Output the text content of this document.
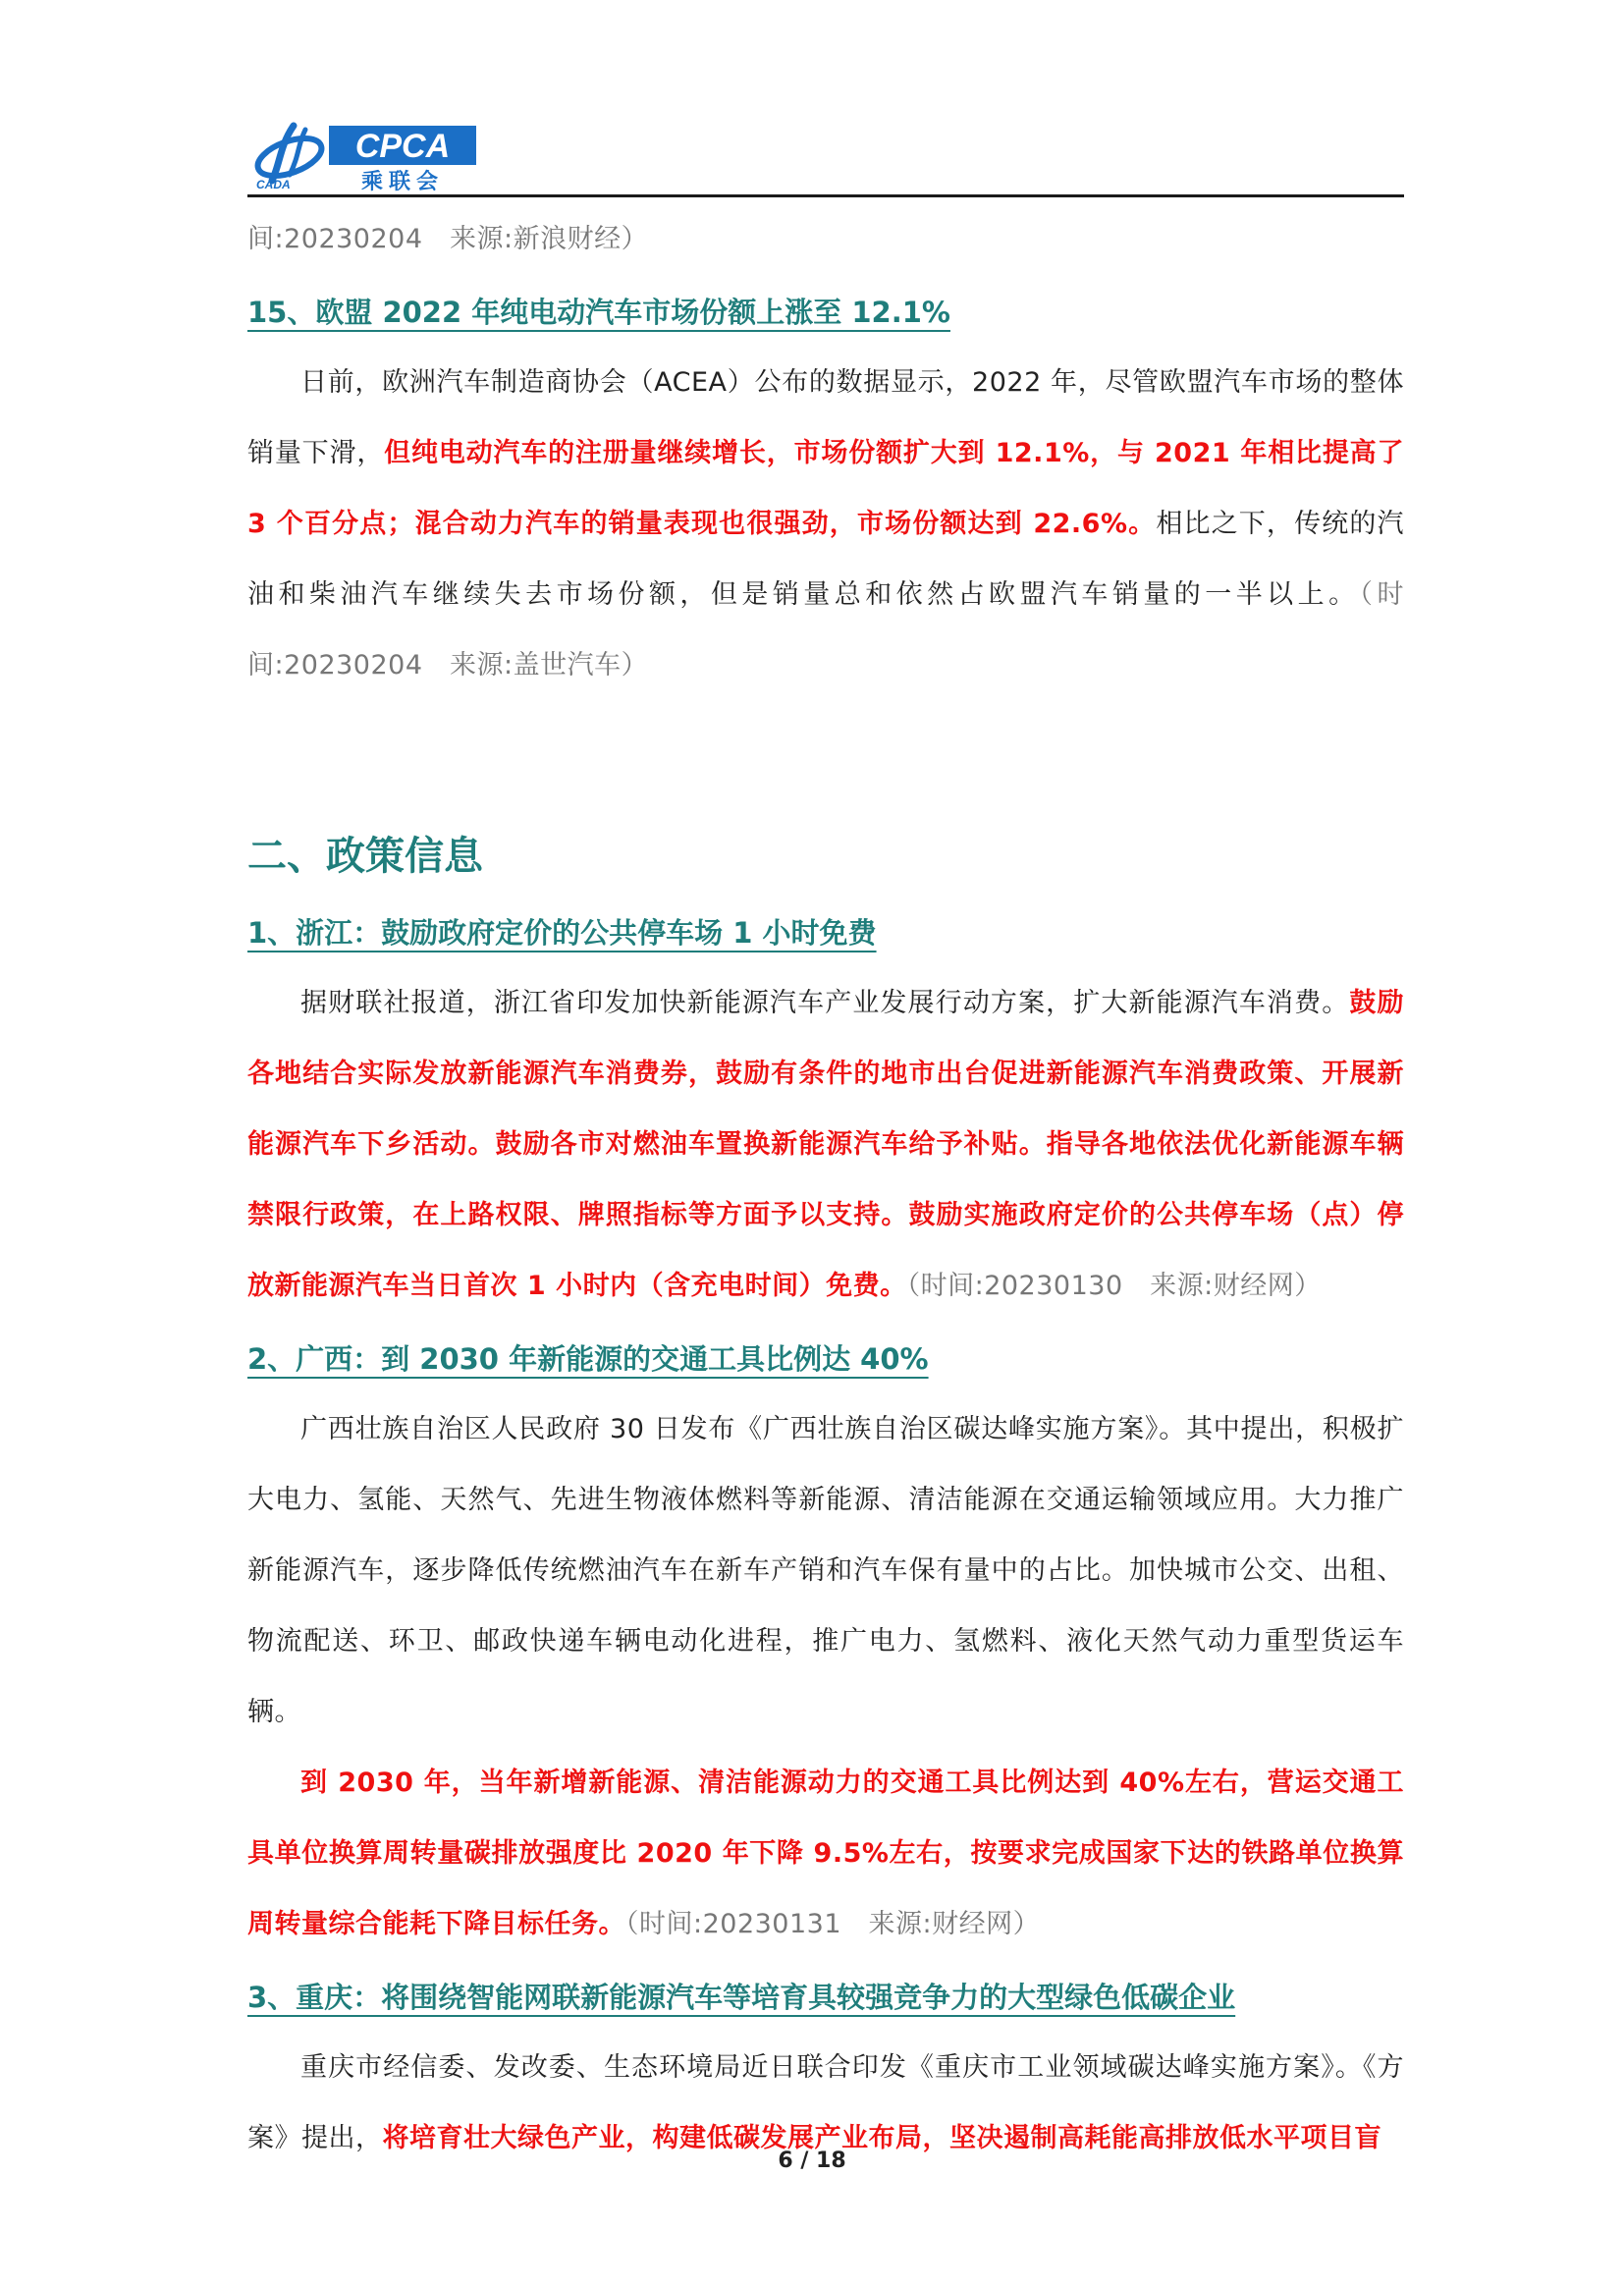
CPCA
乘联会
CADA

间:20230204　来源:新浪财经）

15、欧盟 2022 年纯电动汽车市场份额上涨至 12.1%

日前，欧洲汽车制造商协会（ACEA）公布的数据显示，2022 年，尽管欧盟汽车市场的整体销量下滑，但纯电动汽车的注册量继续增长，市场份额扩大到 12.1%，与 2021 年相比提高了 3 个百分点；混合动力汽车的销量表现也很强劲，市场份额达到 22.6%。相比之下，传统的汽油和柴油汽车继续失去市场份额，但是销量总和依然占欧盟汽车销量的一半以上。（时间:20230204　来源:盖世汽车）

二、政策信息
1、浙江：鼓励政府定价的公共停车场 1 小时免费

据财联社报道，浙江省印发加快新能源汽车产业发展行动方案，扩大新能源汽车消费。鼓励各地结合实际发放新能源汽车消费券，鼓励有条件的地市出台促进新能源汽车消费政策、开展新能源汽车下乡活动。鼓励各市对燃油车置换新能源汽车给予补贴。指导各地依法优化新能源车辆禁限行政策，在上路权限、牌照指标等方面予以支持。鼓励实施政府定价的公共停车场（点）停放新能源汽车当日首次 1 小时内（含充电时间）免费。（时间:20230130　来源:财经网）

2、广西：到 2030 年新能源的交通工具比例达 40%

广西壮族自治区人民政府 30 日发布《广西壮族自治区碳达峰实施方案》。其中提出，积极扩大电力、氢能、天然气、先进生物液体燃料等新能源、清洁能源在交通运输领域应用。大力推广新能源汽车，逐步降低传统燃油汽车在新车产销和汽车保有量中的占比。加快城市公交、出租、物流配送、环卫、邮政快递车辆电动化进程，推广电力、氢燃料、液化天然气动力重型货运车辆。

到 2030 年，当年新增新能源、清洁能源动力的交通工具比例达到 40%左右，营运交通工具单位换算周转量碳排放强度比 2020 年下降 9.5%左右，按要求完成国家下达的铁路单位换算周转量综合能耗下降目标任务。（时间:20230131　来源:财经网）

3、重庆：将围绕智能网联新能源汽车等培育具较强竞争力的大型绿色低碳企业

重庆市经信委、发改委、生态环境局近日联合印发《重庆市工业领域碳达峰实施方案》。《方案》提出，将培育壮大绿色产业，构建低碳发展产业布局，坚决遏制高耗能高排放低水平项目盲

6 / 18
